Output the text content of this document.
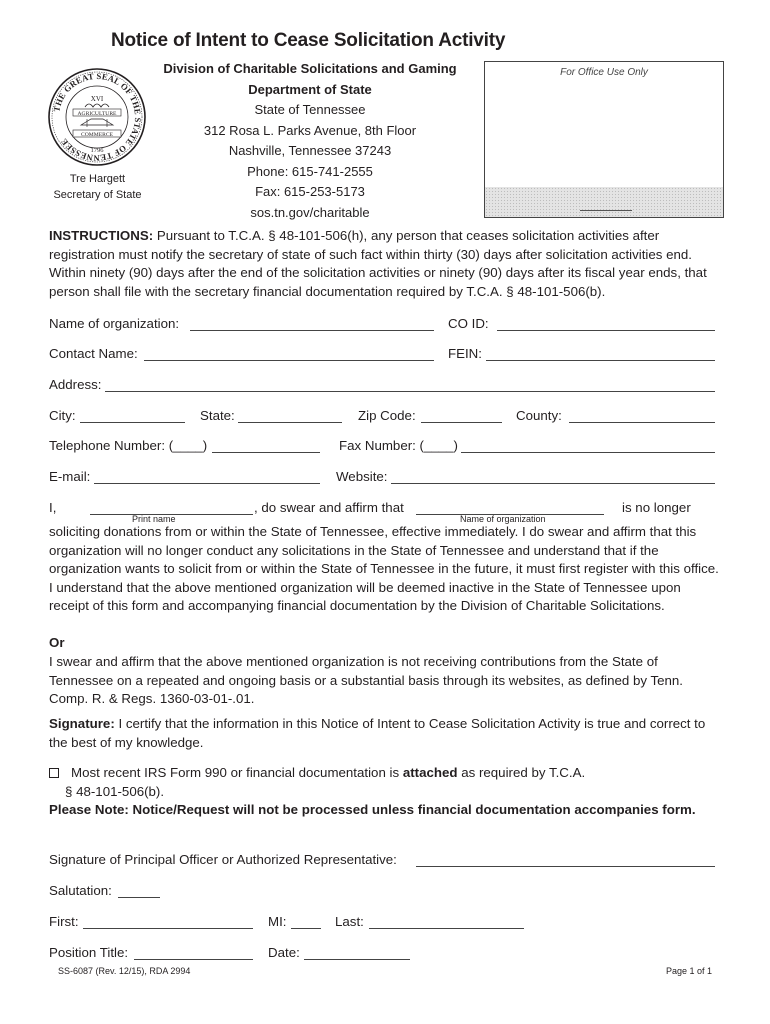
Notice of Intent to Cease Solicitation Activity
THE GREAT SEAL OF THE STATE OF TENNESSEE
XVI
AGRICULTURE
COMMERCE
1796
Tre Hargett
Secretary of State
Division of Charitable Solicitations and Gaming
Department of State
State of Tennessee
312 Rosa L. Parks Avenue, 8th Floor
Nashville, Tennessee 37243
Phone: 615-741-2555
Fax: 615-253-5173
sos.tn.gov/charitable
For Office Use Only
INSTRUCTIONS: Pursuant to T.C.A. § 48-101-506(h), any person that ceases solicitation activities after registration must notify the secretary of state of such fact within thirty (30) days after solicitation activities end. Within ninety (90) days after the end of the solicitation activities or ninety (90) days after its fiscal year ends, that person shall file with the secretary financial documentation required by T.C.A. § 48-101-506(b).
Name of organization:	CO ID:
Contact Name:	FEIN:
Address:
City:	State:	Zip Code:	County:
Telephone Number: (____)	Fax Number: (____)
E-mail:	Website:
I,
Print name
, do swear and affirm that
Name of organization
is no longer
soliciting donations from or within the State of Tennessee, effective immediately. I do swear and affirm that this organization will no longer conduct any solicitations in the State of Tennessee and understand that if the organization wants to solicit from or within the State of Tennessee in the future, it must first register with this office. I understand that the above mentioned organization will be deemed inactive in the State of Tennessee upon receipt of this form and accompanying financial documentation by the Division of Charitable Solicitations.
Or
I swear and affirm that the above mentioned organization is not receiving contributions from the State of Tennessee on a repeated and ongoing basis or a substantial basis through its websites, as defined by Tenn. Comp. R. & Regs. 1360-03-01-.01.
Signature: I certify that the information in this Notice of Intent to Cease Solicitation Activity is true and correct to the best of my knowledge.
Most recent IRS Form 990 or financial documentation is attached as required by T.C.A.
§ 48-101-506(b).
Please Note: Notice/Request will not be processed unless financial documentation accompanies form.
Signature of Principal Officer or Authorized Representative:
Salutation:
First:	MI:	Last:
Position Title:	Date:
SS-6087 (Rev. 12/15), RDA 2994	Page 1 of 1
